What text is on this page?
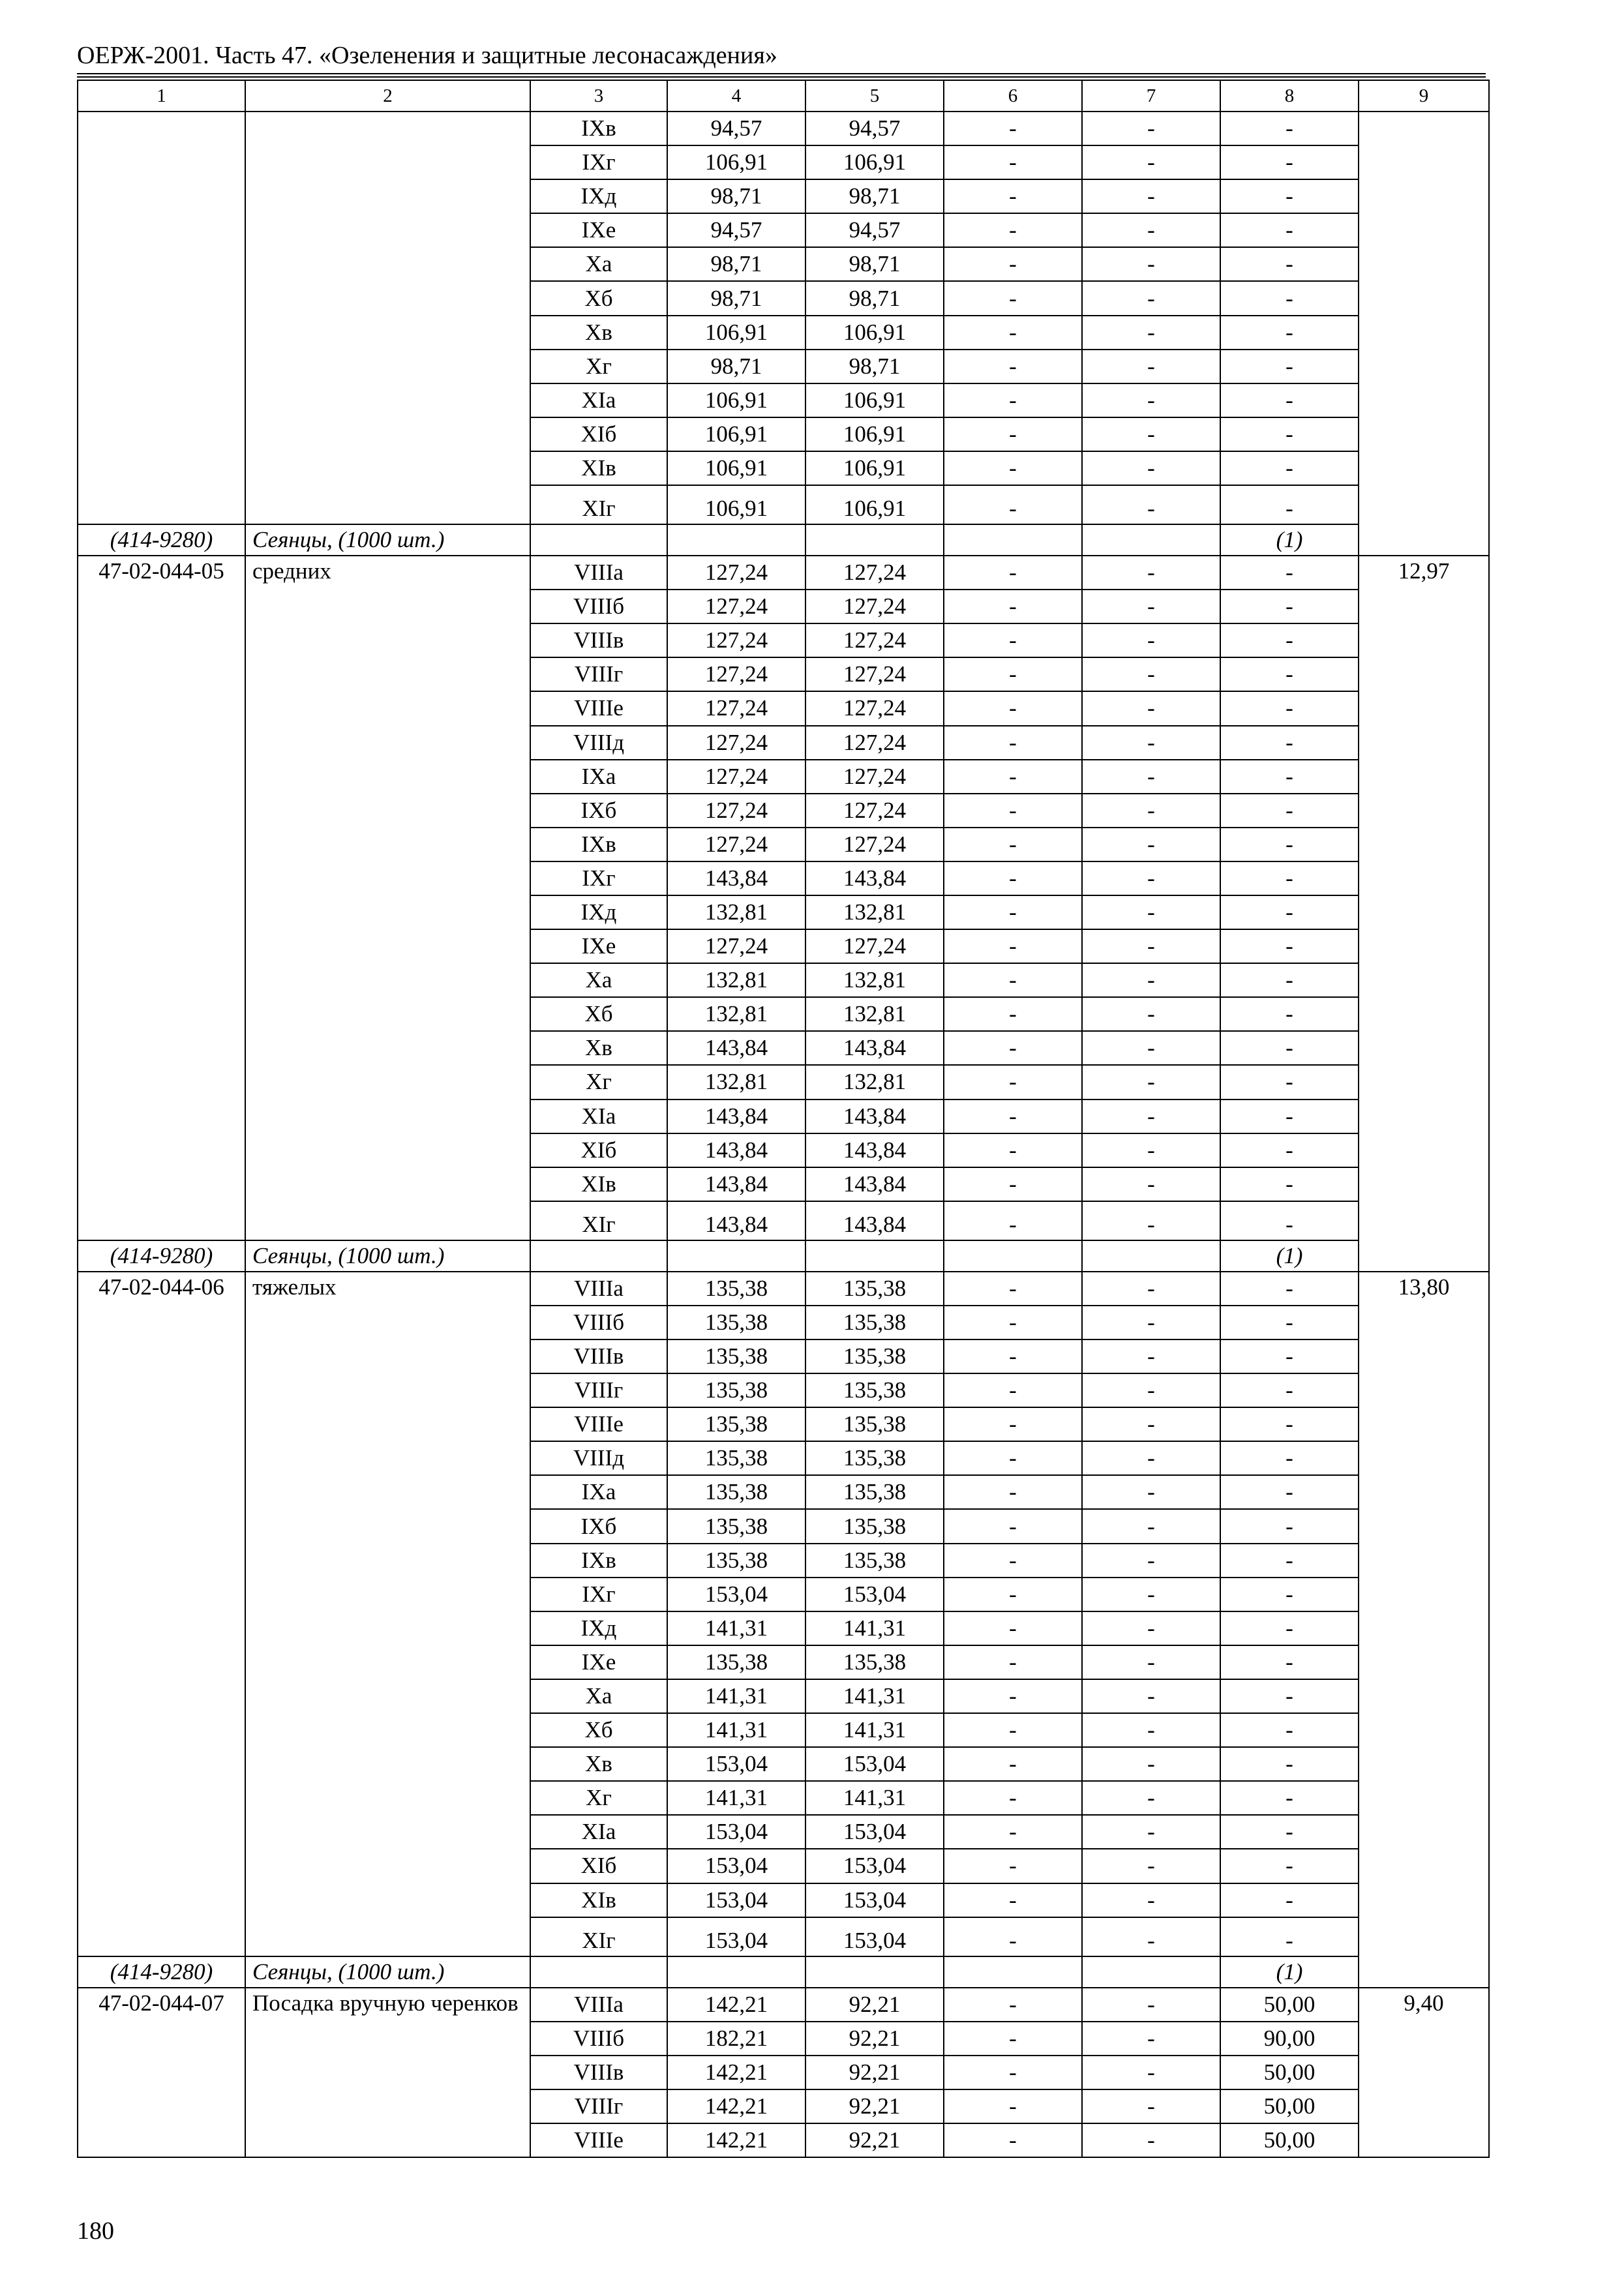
ОЕРЖ-2001. Часть 47. «Озеленения и защитные лесонасаждения»
1	2	3	4	5	6	7	8	9
		IXв	94,57	94,57	-	-	-	
		IXг	106,91	106,91	-	-	-	
		IXд	98,71	98,71	-	-	-	
		IXе	94,57	94,57	-	-	-	
		Xа	98,71	98,71	-	-	-	
		Xб	98,71	98,71	-	-	-	
		Xв	106,91	106,91	-	-	-	
		Xг	98,71	98,71	-	-	-	
		XIа	106,91	106,91	-	-	-	
		XIб	106,91	106,91	-	-	-	
		XIв	106,91	106,91	-	-	-	
		XIг	106,91	106,91	-	-	-	
(414-9280)	Сеянцы, (1000 шт.)						(1)	
47-02-044-05	средних	VIIIа	127,24	127,24	-	-	-	12,97
		VIIIб	127,24	127,24	-	-	-	
		VIIIв	127,24	127,24	-	-	-	
		VIIIг	127,24	127,24	-	-	-	
		VIIIе	127,24	127,24	-	-	-	
		VIIIд	127,24	127,24	-	-	-	
		IXа	127,24	127,24	-	-	-	
		IXб	127,24	127,24	-	-	-	
		IXв	127,24	127,24	-	-	-	
		IXг	143,84	143,84	-	-	-	
		IXд	132,81	132,81	-	-	-	
		IXе	127,24	127,24	-	-	-	
		Xа	132,81	132,81	-	-	-	
		Xб	132,81	132,81	-	-	-	
		Xв	143,84	143,84	-	-	-	
		Xг	132,81	132,81	-	-	-	
		XIа	143,84	143,84	-	-	-	
		XIб	143,84	143,84	-	-	-	
		XIв	143,84	143,84	-	-	-	
		XIг	143,84	143,84	-	-	-	
(414-9280)	Сеянцы, (1000 шт.)						(1)	
47-02-044-06	тяжелых	VIIIа	135,38	135,38	-	-	-	13,80
		VIIIб	135,38	135,38	-	-	-	
		VIIIв	135,38	135,38	-	-	-	
		VIIIг	135,38	135,38	-	-	-	
		VIIIе	135,38	135,38	-	-	-	
		VIIIд	135,38	135,38	-	-	-	
		IXа	135,38	135,38	-	-	-	
		IXб	135,38	135,38	-	-	-	
		IXв	135,38	135,38	-	-	-	
		IXг	153,04	153,04	-	-	-	
		IXд	141,31	141,31	-	-	-	
		IXе	135,38	135,38	-	-	-	
		Xа	141,31	141,31	-	-	-	
		Xб	141,31	141,31	-	-	-	
		Xв	153,04	153,04	-	-	-	
		Xг	141,31	141,31	-	-	-	
		XIа	153,04	153,04	-	-	-	
		XIб	153,04	153,04	-	-	-	
		XIв	153,04	153,04	-	-	-	
		XIг	153,04	153,04	-	-	-	
(414-9280)	Сеянцы, (1000 шт.)						(1)	
47-02-044-07	Посадка вручную черенков	VIIIа	142,21	92,21	-	-	50,00	9,40
		VIIIб	182,21	92,21	-	-	90,00	
		VIIIв	142,21	92,21	-	-	50,00	
		VIIIг	142,21	92,21	-	-	50,00	
		VIIIе	142,21	92,21	-	-	50,00	
180
